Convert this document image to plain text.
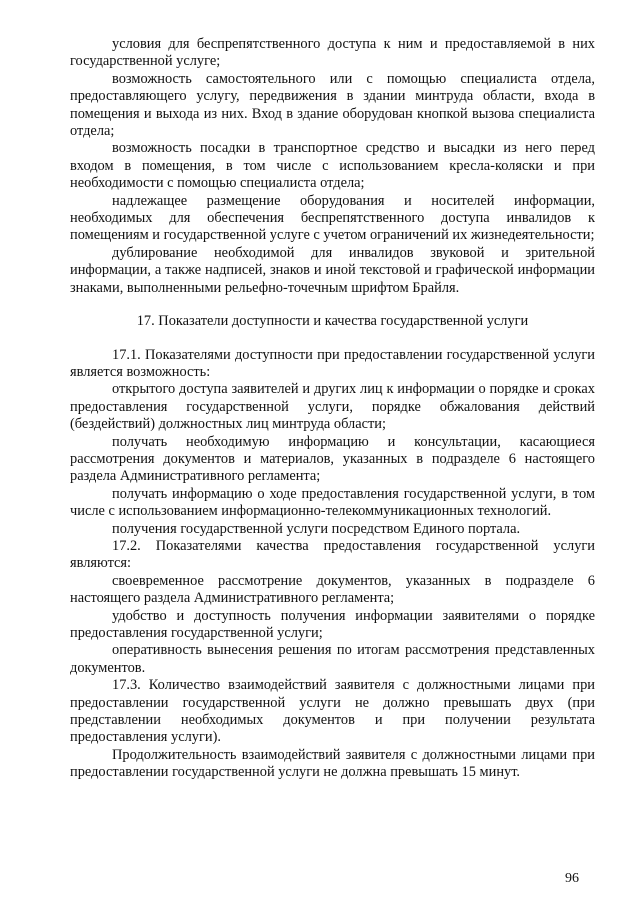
условия для беспрепятственного доступа к ним и предоставляемой в них государственной услуге;

возможность самостоятельного или с помощью специалиста отдела, предоставляющего услугу, передвижения в здании минтруда области, входа в помещения и выхода из них. Вход в здание оборудован кнопкой вызова специалиста отдела;

возможность посадки в транспортное средство и высадки из него перед входом в помещения, в том числе с использованием кресла-коляски и при необходимости с помощью специалиста отдела;

надлежащее размещение оборудования и носителей информации, необходимых для обеспечения беспрепятственного доступа инвалидов к помещениям и государственной услуге с учетом ограничений их жизнедеятельности;

дублирование необходимой для инвалидов звуковой и зрительной информации, а также надписей, знаков и иной текстовой и графической информации знаками, выполненными рельефно-точечным шрифтом Брайля.

17. Показатели доступности и качества государственной услуги

17.1. Показателями доступности при предоставлении государственной услуги является возможность:

открытого доступа заявителей и других лиц к информации о порядке и сроках предоставления государственной услуги, порядке обжалования действий (бездействий) должностных лиц минтруда области;

получать необходимую информацию и консультации, касающиеся рассмотрения документов и материалов, указанных в подразделе 6 настоящего раздела Административного регламента;

получать информацию о ходе предоставления государственной услуги, в том числе с использованием информационно-телекоммуникационных технологий.

получения государственной услуги посредством Единого портала.

17.2. Показателями качества предоставления государственной услуги являются:

своевременное рассмотрение документов, указанных в подразделе 6 настоящего раздела Административного регламента;

удобство и доступность получения информации заявителями о порядке предоставления государственной услуги;

оперативность вынесения решения по итогам рассмотрения представленных документов.

17.3. Количество взаимодействий заявителя с должностными лицами при предоставлении государственной услуги не должно превышать двух (при представлении необходимых документов и при получении результата предоставления услуги).

Продолжительность взаимодействий заявителя с должностными лицами при предоставлении государственной услуги не должна превышать 15 минут.

96
